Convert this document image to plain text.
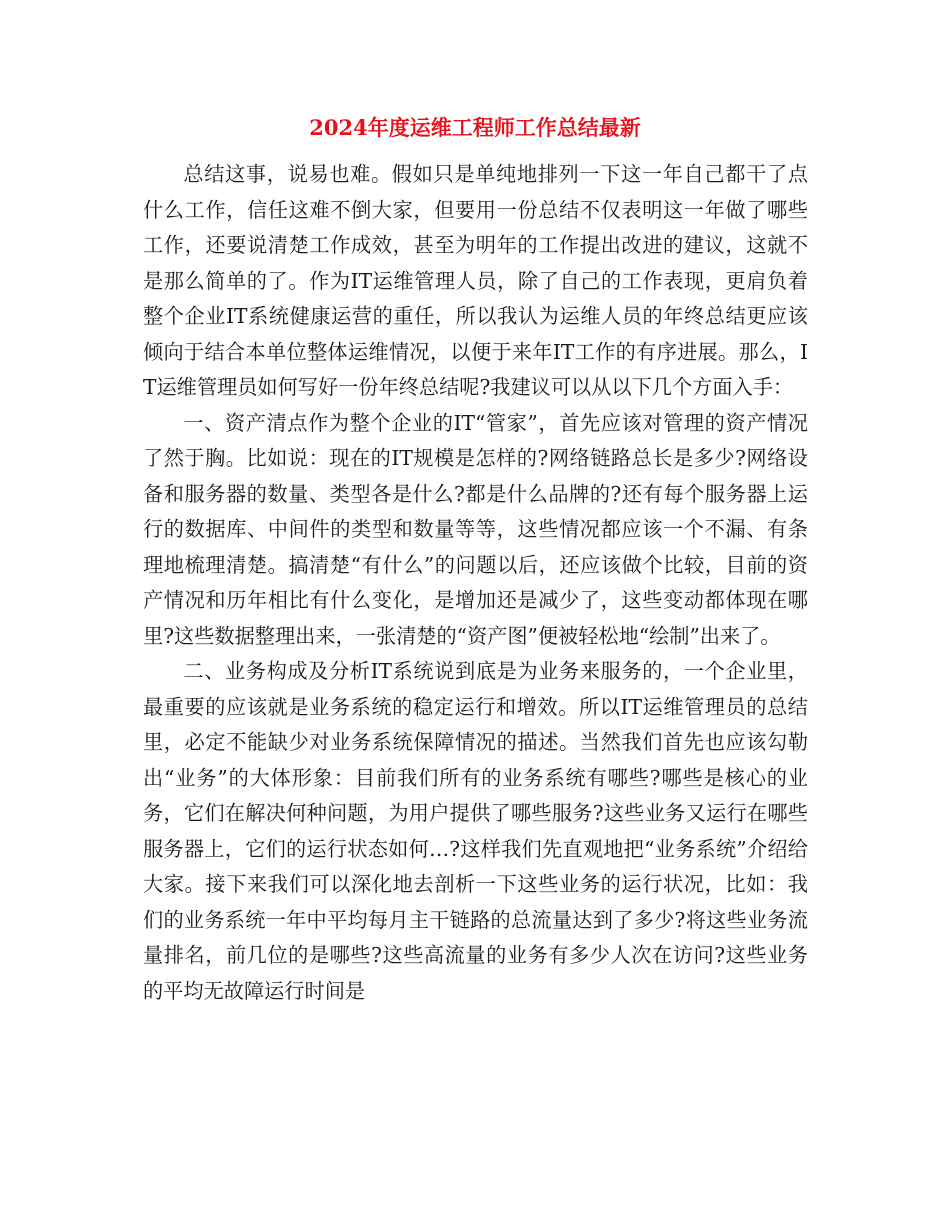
2024年度运维工程师工作总结最新

总结这事，说易也难。假如只是单纯地排列一下这一年自己都干了点什么工作，信任这难不倒大家，但要用一份总结不仅表明这一年做了哪些工作，还要说清楚工作成效，甚至为明年的工作提出改进的建议，这就不是那么简单的了。作为IT运维管理人员，除了自己的工作表现，更肩负着整个企业IT系统健康运营的重任，所以我认为运维人员的年终总结更应该倾向于结合本单位整体运维情况，以便于来年IT工作的有序进展。那么，IT运维管理员如何写好一份年终总结呢?我建议可以从以下几个方面入手：

一、资产清点作为整个企业的IT“管家”，首先应该对管理的资产情况了然于胸。比如说：现在的IT规模是怎样的?网络链路总长是多少?网络设备和服务器的数量、类型各是什么?都是什么品牌的?还有每个服务器上运行的数据库、中间件的类型和数量等等，这些情况都应该一个不漏、有条理地梳理清楚。搞清楚“有什么”的问题以后，还应该做个比较，目前的资产情况和历年相比有什么变化，是增加还是减少了，这些变动都体现在哪里?这些数据整理出来，一张清楚的“资产图”便被轻松地“绘制”出来了。

二、业务构成及分析IT系统说到底是为业务来服务的，一个企业里，最重要的应该就是业务系统的稳定运行和增效。所以IT运维管理员的总结里，必定不能缺少对业务系统保障情况的描述。当然我们首先也应该勾勒出“业务”的大体形象：目前我们所有的业务系统有哪些?哪些是核心的业务，它们在解决何种问题，为用户提供了哪些服务?这些业务又运行在哪些服务器上，它们的运行状态如何…?这样我们先直观地把“业务系统”介绍给大家。接下来我们可以深化地去剖析一下这些业务的运行状况，比如：我们的业务系统一年中平均每月主干链路的总流量达到了多少?将这些业务流量排名，前几位的是哪些?这些高流量的业务有多少人次在访问?这些业务的平均无故障运行时间是
